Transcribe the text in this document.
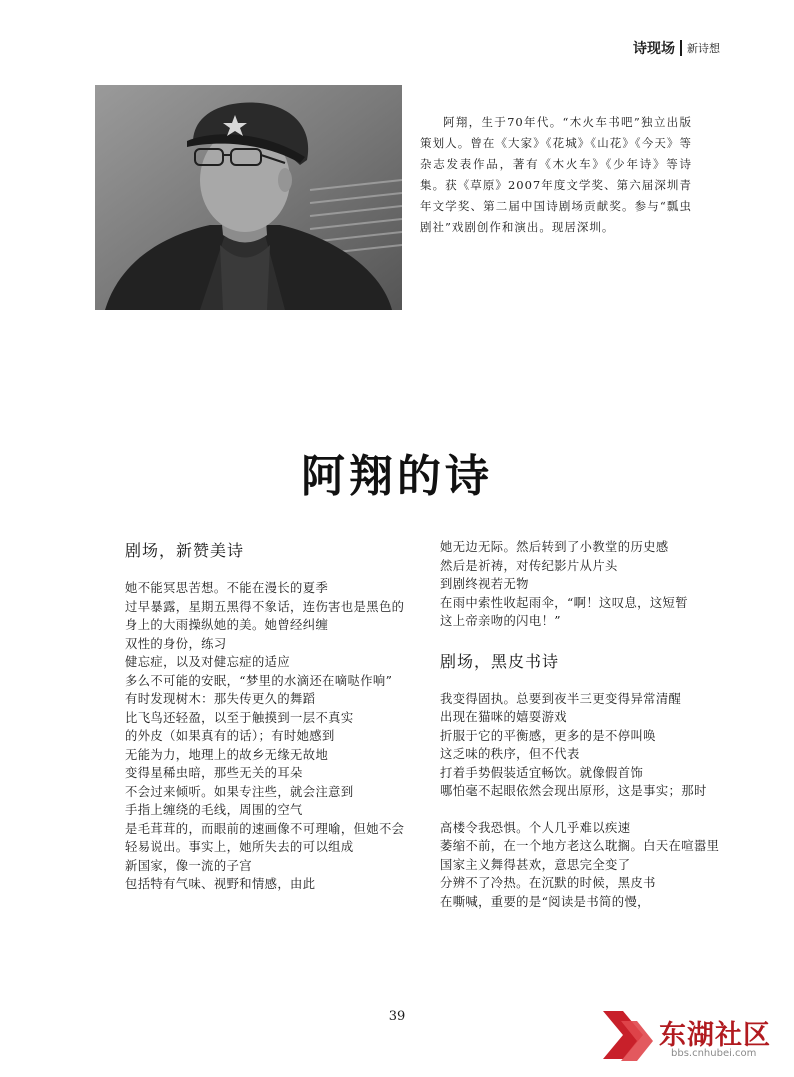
诗现场 新诗想
阿翔，生于70年代。“木火车书吧”独立出版策划人。曾在《大家》《花城》《山花》《今天》等杂志发表作品，著有《木火车》《少年诗》等诗集。获《草原》2007年度文学奖、第六届深圳青年文学奖、第二届中国诗剧场贡献奖。参与“瓢虫剧社”戏剧创作和演出。现居深圳。
阿翔的诗
剧场，新赞美诗
她不能冥思苦想。不能在漫长的夏季
过早暴露，星期五黑得不象话，连伤害也是黑色的
身上的大雨操纵她的美。她曾经纠缠
双性的身份，练习
健忘症，以及对健忘症的适应
多么不可能的安眠，“梦里的水滴还在嘀哒作响”
有时发现树木：那失传更久的舞蹈
比飞鸟还轻盈，以至于触摸到一层不真实
的外皮（如果真有的话）；有时她感到
无能为力，地理上的故乡无缘无故地
变得星稀虫暗，那些无关的耳朵
不会过来倾听。如果专注些，就会注意到
手指上缠绕的毛线，周围的空气
是毛茸茸的，而眼前的速画像不可理喻，但她不会
轻易说出。事实上，她所失去的可以组成
新国家，像一流的子宫
包括特有气味、视野和情感，由此
她无边无际。然后转到了小教堂的历史感
然后是祈祷，对传纪影片从片头
到剧终视若无物
在雨中索性收起雨伞，“啊！这叹息，这短暂
这上帝亲吻的闪电！”
剧场，黑皮书诗
我变得固执。总要到夜半三更变得异常清醒
出现在猫咪的嬉耍游戏
折服于它的平衡感，更多的是不停叫唤
这乏味的秩序，但不代表
打着手势假装适宜畅饮。就像假首饰
哪怕毫不起眼依然会现出原形，这是事实；那时
高楼令我恐惧。个人几乎难以疾速
萎缩不前，在一个地方老这么耽搁。白天在喧嚣里
国家主义舞得甚欢，意思完全变了
分辨不了冷热。在沉默的时候，黑皮书
在嘶喊，重要的是“阅读是书简的慢，
39
东湖社区
bbs.cnhubei.com
